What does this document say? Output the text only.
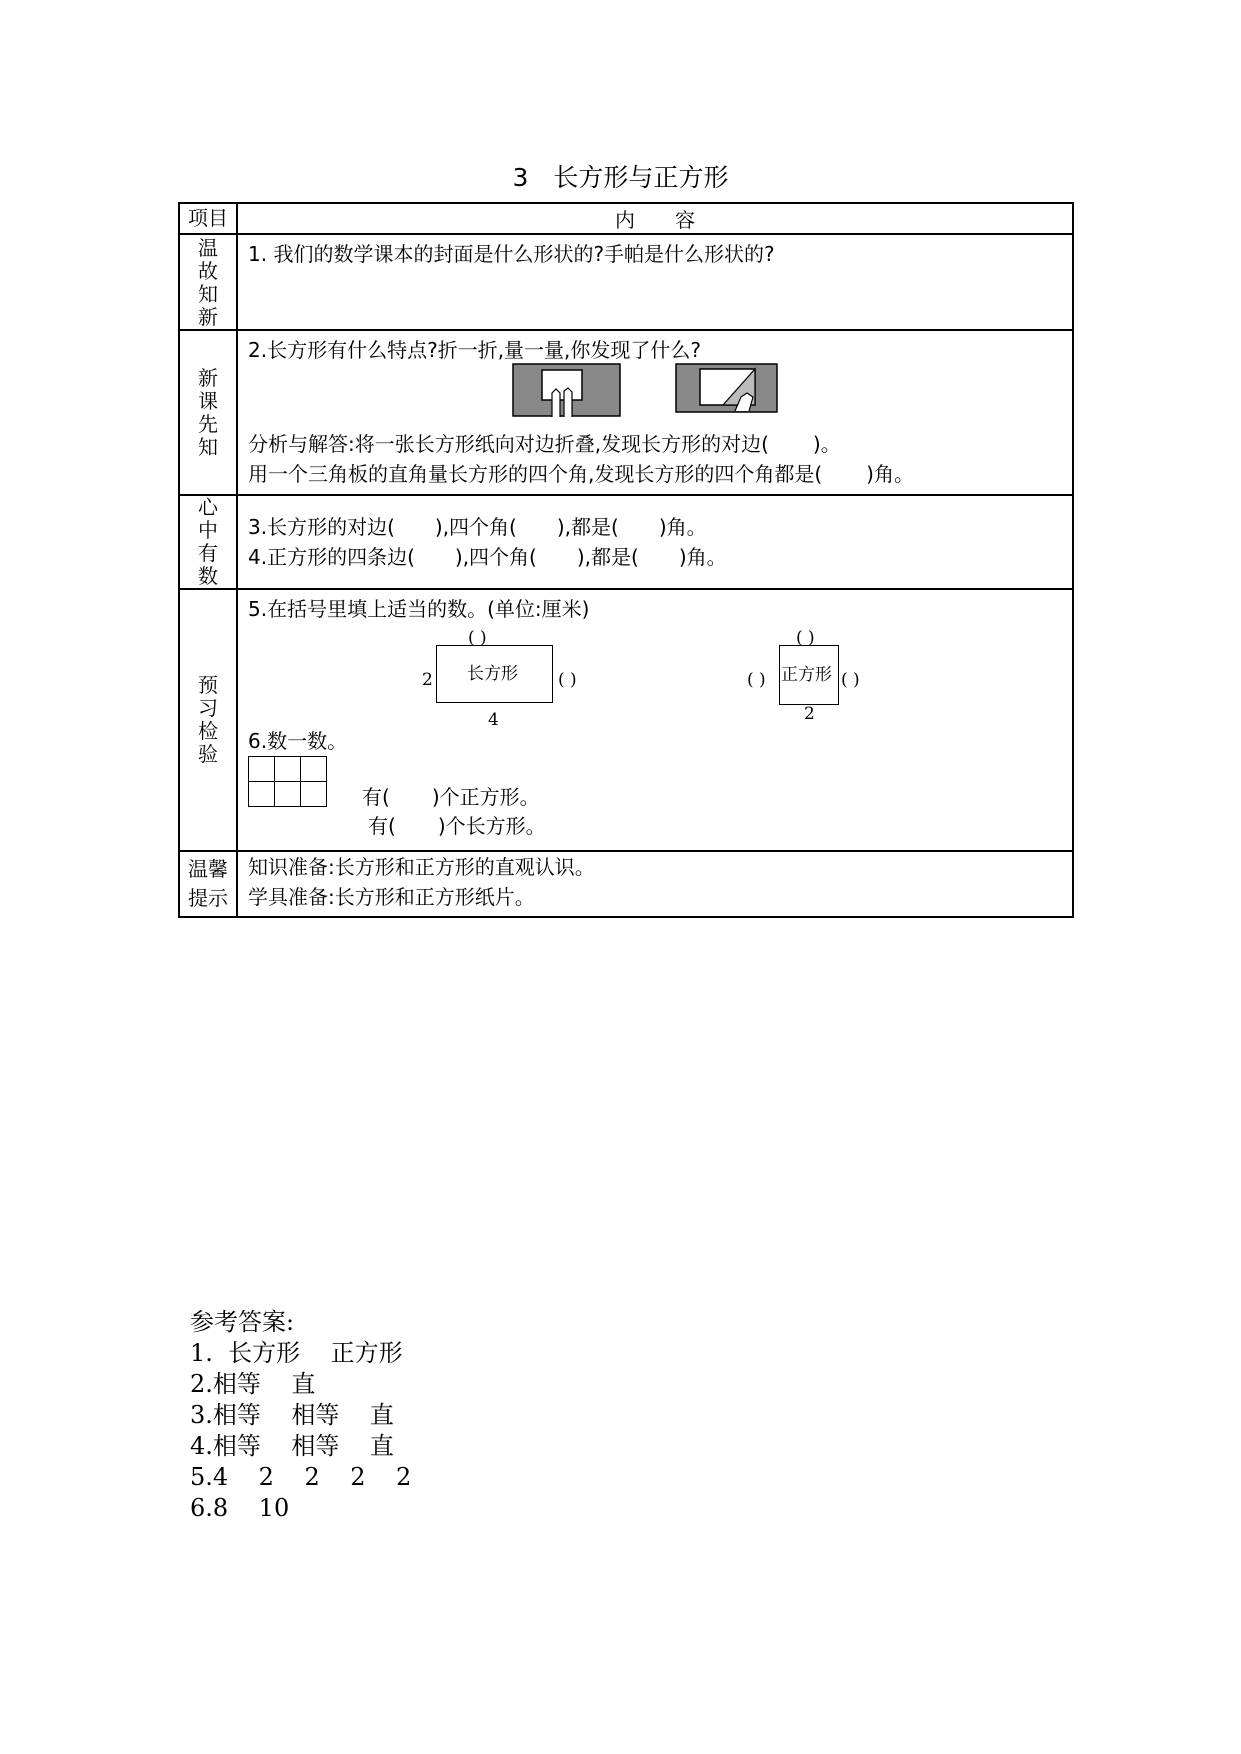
3　长方形与正方形
项目	内　　容

温故知新

1. 我们的数学课本的封面是什么形状的?手帕是什么形状的?

新课先知

2.长方形有什么特点?折一折,量一量,你发现了什么?
分析与解答:将一张长方形纸向对边折叠,发现长方形的对边( )。
用一个三角板的直角量长方形的四个角,发现长方形的四个角都是( )角。

心中有数

3.长方形的对边( ),四个角( ),都是( )角。
4.正方形的四条边( ),四个角( ),都是( )角。

预习检验

5.在括号里填上适当的数。(单位:厘米)
( )
2 长方形 ( )
4
( )
( ) 正方形 ( )
2
6.数一数。

有( )个正方形。
有( )个长方形。

温馨提示

知识准备:长方形和正方形的直观认识。
学具准备:长方形和正方形纸片。
参考答案:
1.  长方形    正方形
2.相等    直
3.相等    相等    直
4.相等    相等    直
5.4    2    2    2    2
6.8    10
